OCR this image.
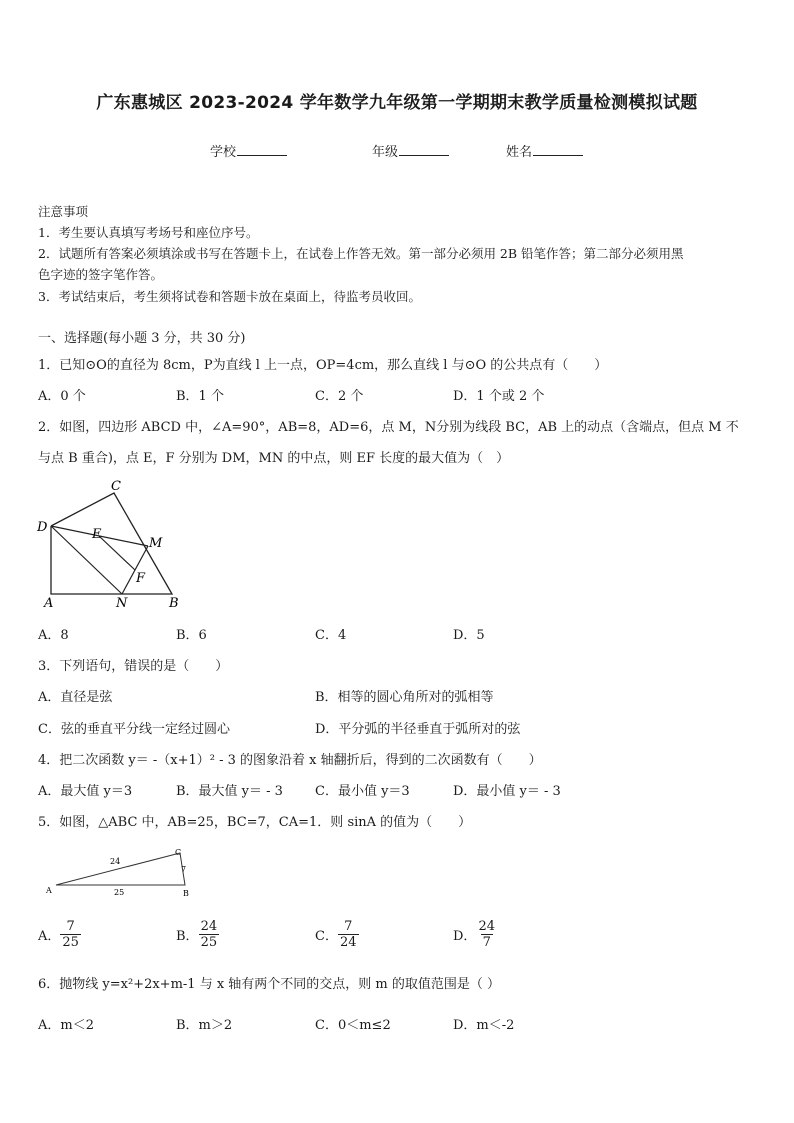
广东惠城区 2023-2024 学年数学九年级第一学期期末教学质量检测模拟试题
学校	年级	姓名
注意事项
1．考生要认真填写考场号和座位序号。
2．试题所有答案必须填涂或书写在答题卡上，在试卷上作答无效。第一部分必须用 2B 铅笔作答；第二部分必须用黑
色字迹的签字笔作答。
3．考试结束后，考生须将试卷和答题卡放在桌面上，待监考员收回。
一、选择题(每小题 3 分，共 30 分)
1．已知⊙O的直径为 8cm，P为直线 l 上一点，OP=4cm，那么直线 l 与⊙O 的公共点有（　　）
A．0 个	B．1 个	C．2 个	D．1 个或 2 个
2．如图，四边形 ABCD 中，∠A=90°，AB=8，AD=6，点 M，N分别为线段 BC，AB 上的动点（含端点，但点 M 不
与点 B 重合)，点 E，F 分别为 DM，MN 的中点，则 EF 长度的最大值为（　）
C
D	E
M
F
A	N	B
A．8	B．6	C．4	D．5
3．下列语句，错误的是（　　）
A．直径是弦	B．相等的圆心角所对的弧相等
C．弦的垂直平分线一定经过圆心	D．平分弧的半径垂直于弧所对的弦
4．把二次函数 y＝ -（x+1）² - 3 的图象沿着 x 轴翻折后，得到的二次函数有（　　）
A．最大值 y＝3	B．最大值 y＝ - 3 C．最小值 y＝3	D．最小值 y＝ - 3
5．如图，△ABC 中，AB=25，BC=7，CA=1．则 sinA 的值为（　　）
A	B
C
24
25
7
A． $\frac{7}{25}$	B． $\frac{24}{25}$	C． $\frac{7}{24}$	D． $\frac{24}{7}$
6．抛物线 y=x²+2x+m-1 与 x 轴有两个不同的交点，则 m 的取值范围是（ ）
A．m＜2	B．m＞2	C．0＜m≤2	D．m＜-2
